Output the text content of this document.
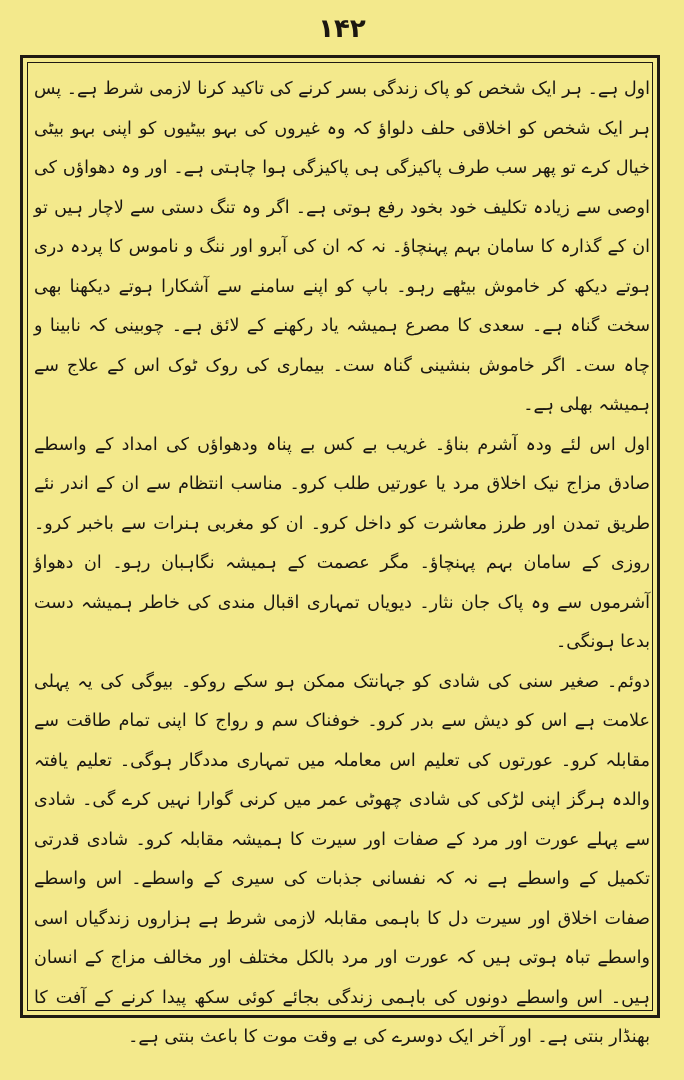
۱۴۲

اول ہے۔ ہر ایک شخص کو پاک زندگی بسر کرنے کی تاکید کرنا لازمی شرط ہے۔ پس ہر ایک شخص کو اخلاقی حلف دلواؤ کہ وہ غیروں کی بہو بیٹیوں کو اپنی بہو بیٹی خیال کرے تو پھر سب طرف پاکیزگی ہی پاکیزگی ہوا چاہتی ہے۔ اور وہ دھواؤں کی اوصی سے زیادہ تکلیف خود بخود رفع ہوتی ہے۔ اگر وہ تنگ دستی سے لاچار ہیں تو ان کے گذارہ کا سامان بہم پہنچاؤ۔ نہ کہ ان کی آبرو اور ننگ و ناموس کا پردہ دری ہوتے دیکھ کر خاموش بیٹھے رہو۔ باپ کو اپنے سامنے سے آشکارا ہوتے دیکھنا بھی سخت گناہ ہے۔ سعدی کا مصرع ہمیشہ یاد رکھنے کے لائق ہے۔ چوبینی کہ نابینا و چاہ ست۔ اگر خاموش بنشینی گناہ ست۔ بیماری کی روک ٹوک اس کے علاج سے ہمیشہ بھلی ہے۔

اول اس لئے ودہ آشرم بناؤ۔ غریب بے کس بے پناہ ودھواؤں کی امداد کے واسطے صادق مزاج نیک اخلاق مرد یا عورتیں طلب کرو۔ مناسب انتظام سے ان کے اندر نئے طریق تمدن اور طرز معاشرت کو داخل کرو۔ ان کو مغربی ہنرات سے باخبر کرو۔ روزی کے سامان بہم پہنچاؤ۔ مگر عصمت کے ہمیشہ نگاہبان رہو۔ ان دھواؤ آشرموں سے وہ پاک جان نثار۔ دیویاں تمہاری اقبال مندی کی خاطر ہمیشہ دست بدعا ہونگی۔

دوئم۔ صغیر سنی کی شادی کو جہانتک ممکن ہو سکے روکو۔ بیوگی کی یہ پہلی علامت ہے اس کو دیش سے بدر کرو۔ خوفناک سم و رواج کا اپنی تمام طاقت سے مقابلہ کرو۔ عورتوں کی تعلیم اس معاملہ میں تمہاری مددگار ہوگی۔ تعلیم یافتہ والدہ ہرگز اپنی لڑکی کی شادی چھوٹی عمر میں کرنی گوارا نہیں کرے گی۔ شادی سے پہلے عورت اور مرد کے صفات اور سیرت کا ہمیشہ مقابلہ کرو۔ شادی قدرتی تکمیل کے واسطے ہے نہ کہ نفسانی جذبات کی سیری کے واسطے۔ اس واسطے صفات اخلاق اور سیرت دل کا باہمی مقابلہ لازمی شرط ہے ہزاروں زندگیاں اسی واسطے تباہ ہوتی ہیں کہ عورت اور مرد بالکل مختلف اور مخالف مزاج کے انسان ہیں۔ اس واسطے دونوں کی باہمی زندگی بجائے کوئی سکھ پیدا کرنے کے آفت کا بھنڈار بنتی ہے۔ اور آخر ایک دوسرے کی بے وقت موت کا باعث بنتی ہے۔
